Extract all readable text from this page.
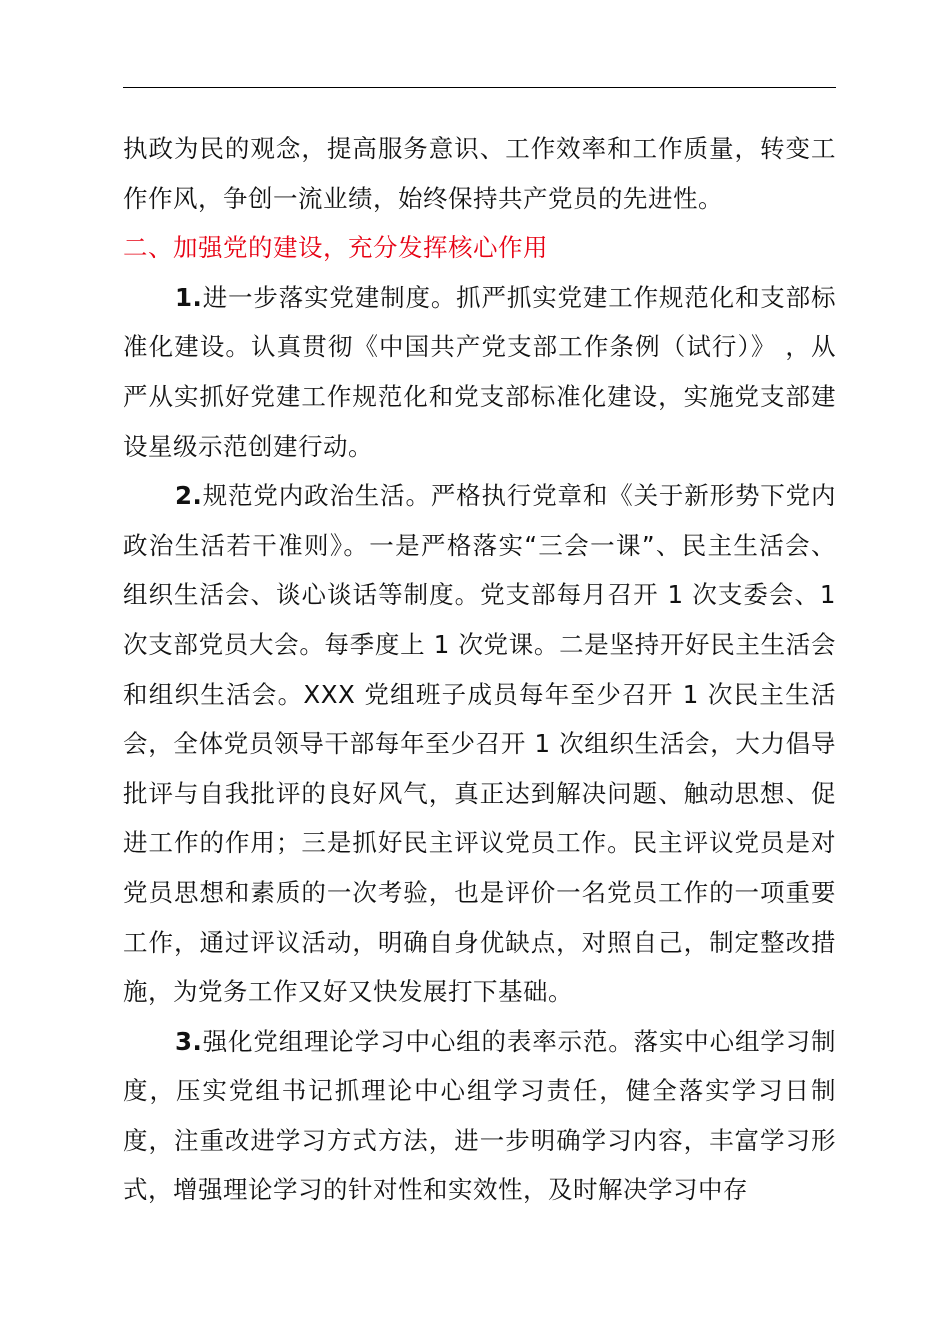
执政为民的观念，提高服务意识、工作效率和工作质量，转变工作作风，争创一流业绩，始终保持共产党员的先进性。

二、加强党的建设，充分发挥核心作用

1.进一步落实党建制度。抓严抓实党建工作规范化和支部标准化建设。认真贯彻《中国共产党支部工作条例（试行）》 ，从严从实抓好党建工作规范化和党支部标准化建设，实施党支部建设星级示范创建行动。

2.规范党内政治生活。严格执行党章和《关于新形势下党内政治生活若干准则》。一是严格落实“三会一课”、民主生活会、组织生活会、谈心谈话等制度。党支部每月召开 1 次支委会、1 次支部党员大会。每季度上 1 次党课。二是坚持开好民主生活会和组织生活会。XXX 党组班子成员每年至少召开 1 次民主生活会，全体党员领导干部每年至少召开 1 次组织生活会，大力倡导批评与自我批评的良好风气，真正达到解决问题、触动思想、促进工作的作用；三是抓好民主评议党员工作。民主评议党员是对党员思想和素质的一次考验，也是评价一名党员工作的一项重要工作，通过评议活动，明确自身优缺点，对照自己，制定整改措施，为党务工作又好又快发展打下基础。

3.强化党组理论学习中心组的表率示范。落实中心组学习制度，压实党组书记抓理论中心组学习责任，健全落实学习日制度，注重改进学习方式方法，进一步明确学习内容，丰富学习形式，增强理论学习的针对性和实效性，及时解决学习中存
